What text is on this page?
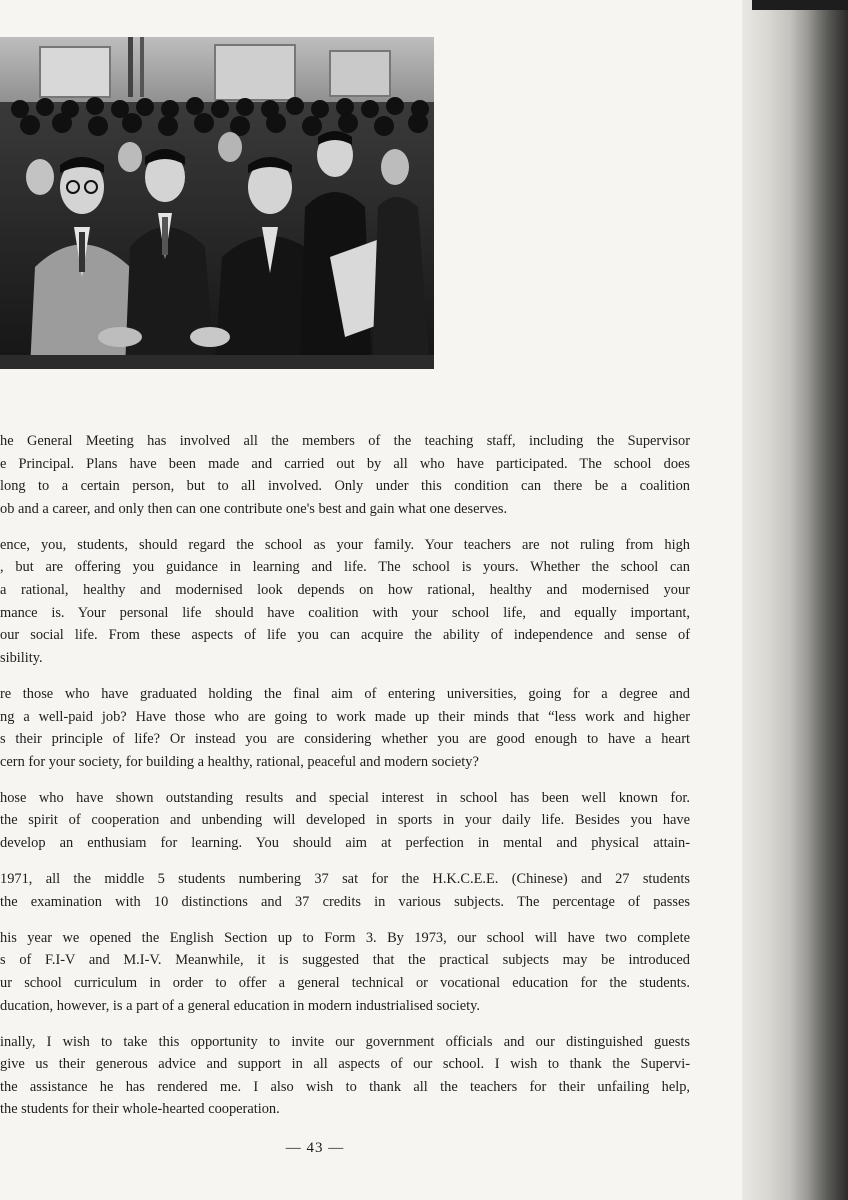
he General Meeting has involved all the members of the teaching staff, including the Supervisor
e Principal. Plans have been made and carried out by all who have participated. The school does
long to a certain person, but to all involved. Only under this condition can there be a coalition
ob and a career, and only then can one contribute one's best and gain what one deserves.
ence, you, students, should regard the school as your family. Your teachers are not ruling from high
, but are offering you guidance in learning and life. The school is yours. Whether the school can
a rational, healthy and modernised look depends on how rational, healthy and modernised your
mance is. Your personal life should have coalition with your school life, and equally important,
our social life. From these aspects of life you can acquire the ability of independence and sense of
sibility.
re those who have graduated holding the final aim of entering universities, going for a degree and
ng a well-paid job? Have those who are going to work made up their minds that “less work and higher
s their principle of life? Or instead you are considering whether you are good enough to have a heart
cern for your society, for building a healthy, rational, peaceful and modern society?
hose who have shown outstanding results and special interest in school has been well known for.
the spirit of cooperation and unbending will developed in sports in your daily life. Besides you have
develop an enthusiam for learning. You should aim at perfection in mental and physical attain-
1971, all the middle 5 students numbering 37 sat for the H.K.C.E.E. (Chinese) and 27 students
the examination with 10 distinctions and 37 credits in various subjects. The percentage of passes
his year we opened the English Section up to Form 3. By 1973, our school will have two complete
s of F.I-V and M.I-V. Meanwhile, it is suggested that the practical subjects may be introduced
ur school curriculum in order to offer a general technical or vocational education for the students.
ducation, however, is a part of a general education in modern industrialised society.
inally, I wish to take this opportunity to invite our government officials and our distinguished guests
give us their generous advice and support in all aspects of our school. I wish to thank the Supervi-
the assistance he has rendered me. I also wish to thank all the teachers for their unfailing help,
the students for their whole-hearted cooperation.
— 43 —
